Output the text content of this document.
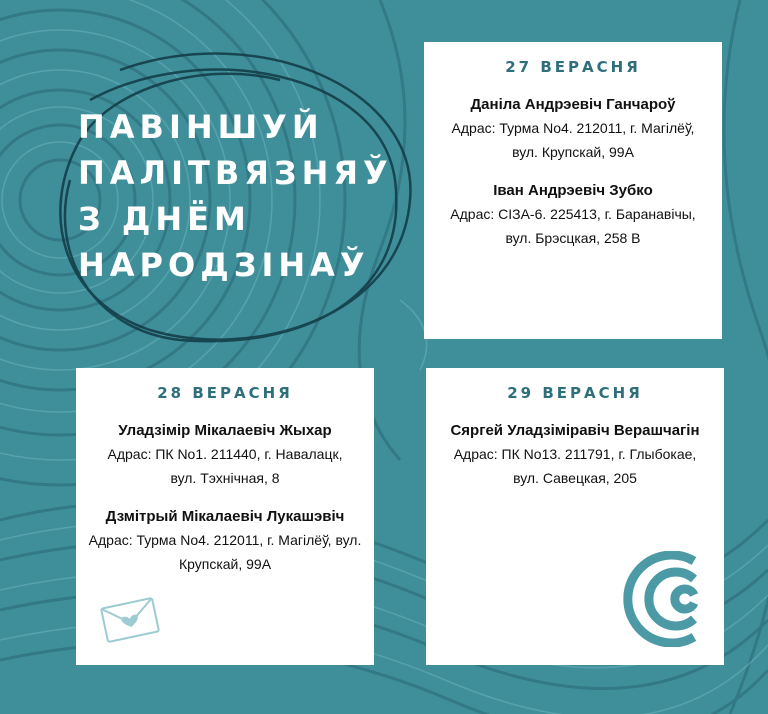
ПАВІНШУЙ
ПАЛІТВЯЗНЯЎ
З ДНЁМ
НАРОДЗІНАЎ
27 ВЕРАСНЯ
Даніла Андрэевіч Ганчароў
Адрас: Турма No4. 212011, г. Магілёў,
вул. Крупскай, 99А
Іван Андрэевіч Зубко
Адрас: СІЗА-6. 225413, г. Баранавічы,
вул. Брэсцкая, 258 В
28 ВЕРАСНЯ
Уладзімір Мікалаевіч Жыхар
Адрас: ПК No1. 211440, г. Навалацк,
вул. Тэхнічная, 8
Дзмітрый Мікалаевіч Лукашэвіч
Адрас: Турма No4. 212011, г. Магілёў, вул.
Крупскай, 99А
29 ВЕРАСНЯ
Сяргей Уладзіміравіч Верашчагін
Адрас: ПК No13. 211791, г. Глыбокае,
вул. Савецкая, 205
